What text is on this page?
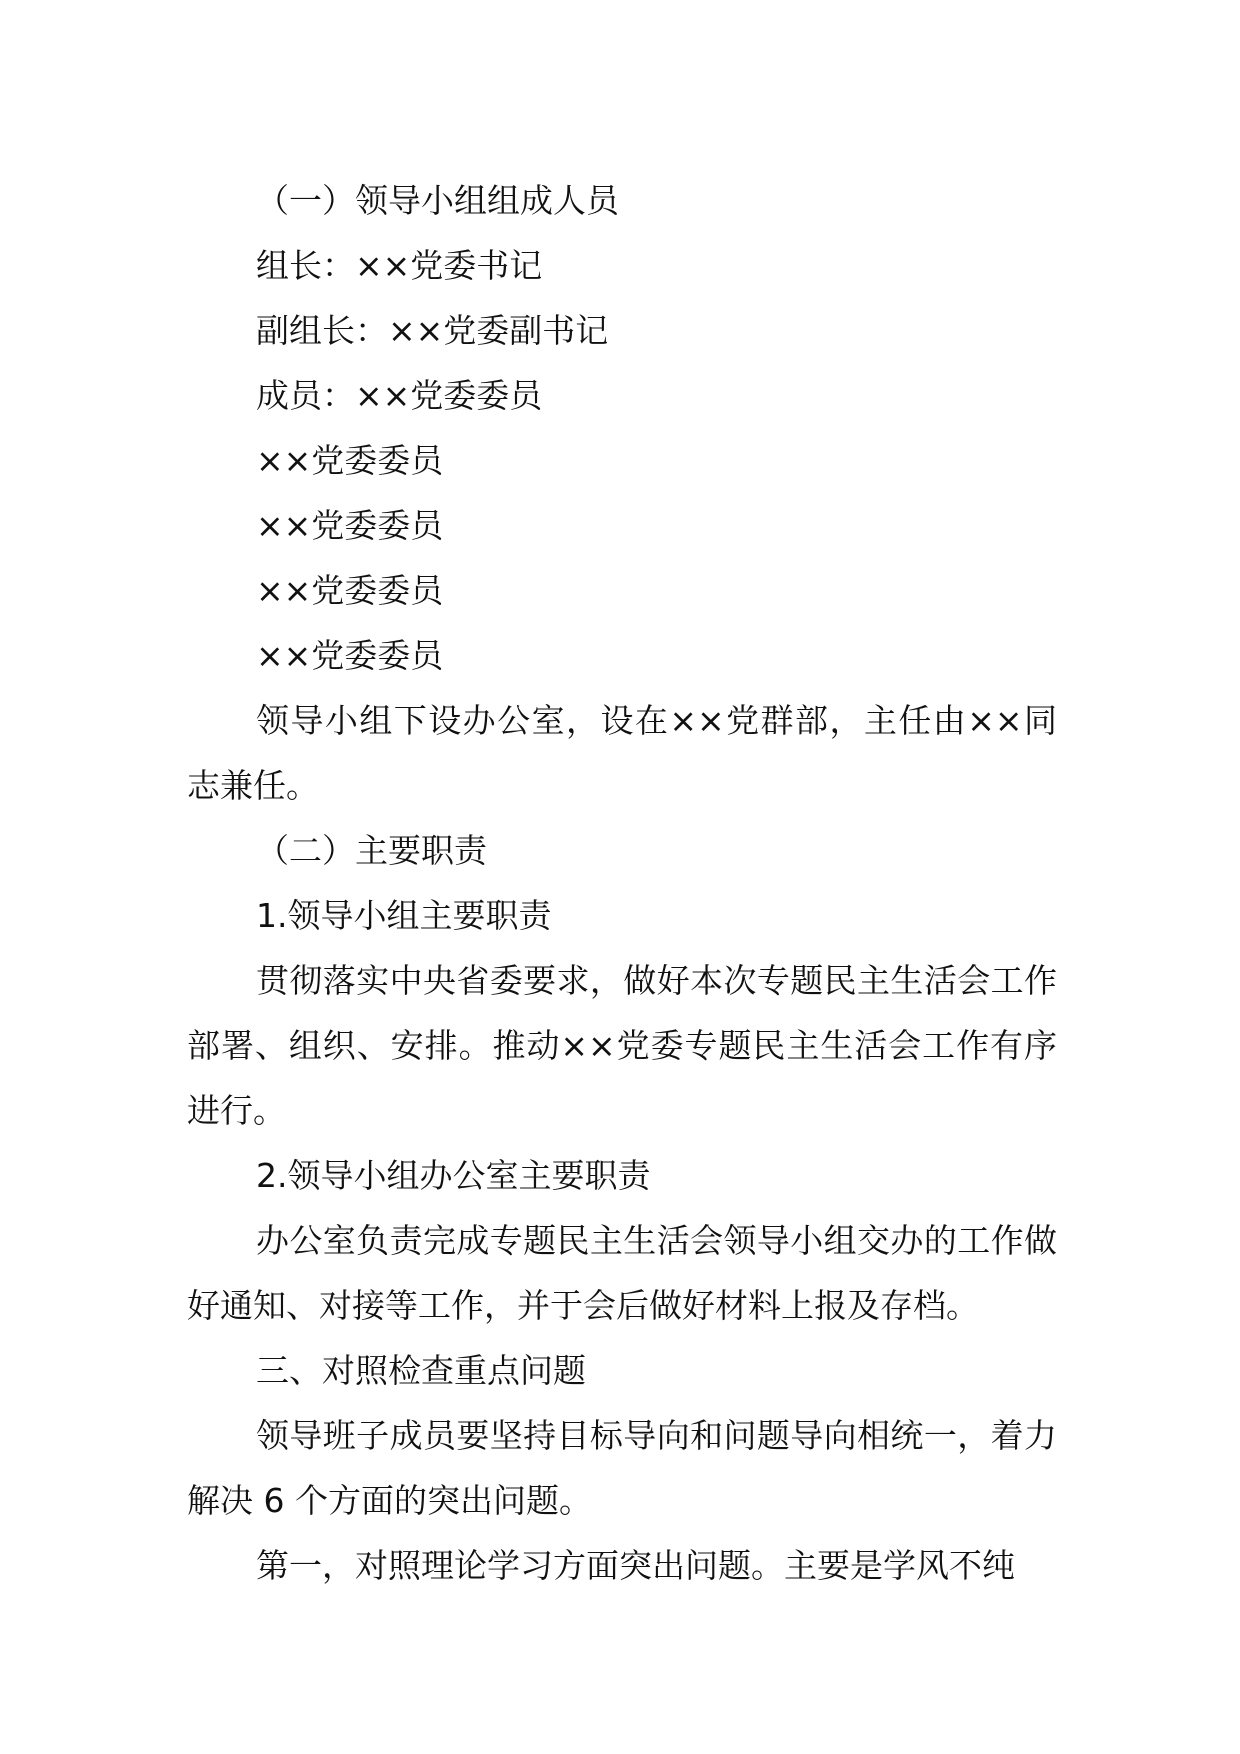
（一）领导小组组成人员

组长：××党委书记

副组长：××党委副书记

成员：××党委委员

××党委委员

××党委委员

××党委委员

××党委委员

领导小组下设办公室，设在××党群部，主任由××同志兼任。

（二）主要职责

1.领导小组主要职责

贯彻落实中央省委要求，做好本次专题民主生活会工作部署、组织、安排。推动××党委专题民主生活会工作有序进行。

2.领导小组办公室主要职责

办公室负责完成专题民主生活会领导小组交办的工作做好通知、对接等工作，并于会后做好材料上报及存档。

三、对照检查重点问题

领导班子成员要坚持目标导向和问题导向相统一，着力解决 6 个方面的突出问题。

第一，对照理论学习方面突出问题。主要是学风不纯
